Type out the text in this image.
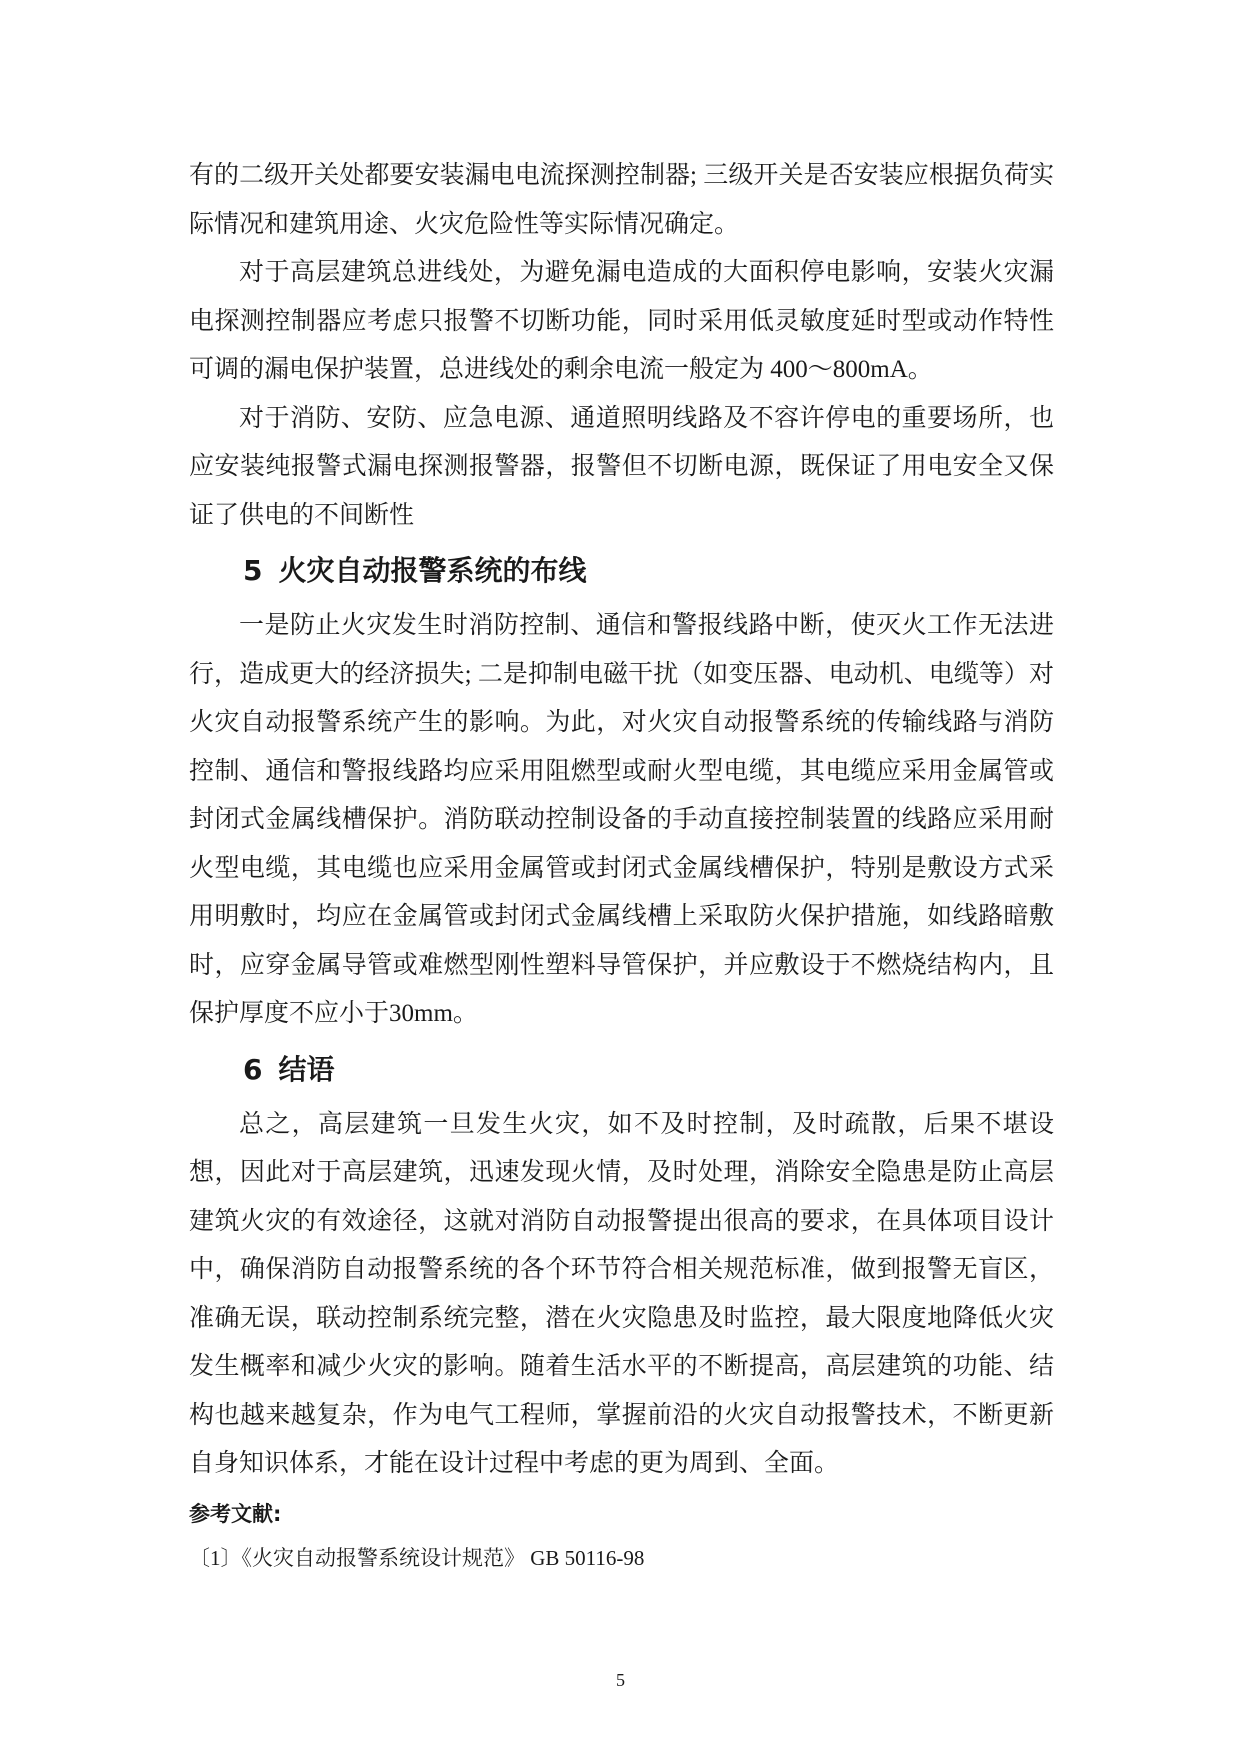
有的二级开关处都要安装漏电电流探测控制器; 三级开关是否安装应根据负荷实际情况和建筑用途、火灾危险性等实际情况确定。

对于高层建筑总进线处，为避免漏电造成的大面积停电影响，安装火灾漏电探测控制器应考虑只报警不切断功能，同时采用低灵敏度延时型或动作特性可调的漏电保护装置，总进线处的剩余电流一般定为 400～800mA。

对于消防、安防、应急电源、通道照明线路及不容许停电的重要场所，也应安装纯报警式漏电探测报警器，报警但不切断电源，既保证了用电安全又保证了供电的不间断性

5 火灾自动报警系统的布线

一是防止火灾发生时消防控制、通信和警报线路中断，使灭火工作无法进行，造成更大的经济损失; 二是抑制电磁干扰（如变压器、电动机、电缆等）对火灾自动报警系统产生的影响。为此，对火灾自动报警系统的传输线路与消防控制、通信和警报线路均应采用阻燃型或耐火型电缆，其电缆应采用金属管或封闭式金属线槽保护。消防联动控制设备的手动直接控制装置的线路应采用耐火型电缆，其电缆也应采用金属管或封闭式金属线槽保护，特别是敷设方式采用明敷时，均应在金属管或封闭式金属线槽上采取防火保护措施，如线路暗敷时，应穿金属导管或难燃型刚性塑料导管保护，并应敷设于不燃烧结构内，且保护厚度不应小于30mm。

6 结语

总之，高层建筑一旦发生火灾，如不及时控制，及时疏散，后果不堪设想，因此对于高层建筑，迅速发现火情，及时处理，消除安全隐患是防止高层建筑火灾的有效途径，这就对消防自动报警提出很高的要求，在具体项目设计中，确保消防自动报警系统的各个环节符合相关规范标准，做到报警无盲区，准确无误，联动控制系统完整，潜在火灾隐患及时监控，最大限度地降低火灾发生概率和减少火灾的影响。随着生活水平的不断提高，高层建筑的功能、结构也越来越复杂，作为电气工程师，掌握前沿的火灾自动报警技术，不断更新自身知识体系，才能在设计过程中考虑的更为周到、全面。

参考文献:
〔1〕《火灾自动报警系统设计规范》 GB 50116-98
5
